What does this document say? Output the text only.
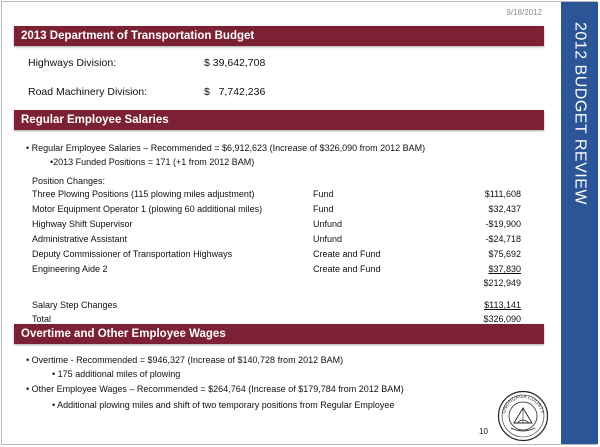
9/18/2012
2012 BUDGET REVIEW
2013 Department of Transportation Budget
Highways Division:	$ 39,642,708
Road Machinery Division:	$   7,742,236
Regular Employee Salaries
• Regular Employee Salaries – Recommended = $6,912,623 (Increase of $326,090 from 2012 BAM)
•2013 Funded Positions = 171 (+1 from 2012 BAM)
Position Changes:
Three Plowing Positions (115 plowing miles adjustment)	Fund	$111,608
Motor Equipment Operator 1 (plowing 60 additional miles)	Fund	$32,437
Highway Shift Supervisor	Unfund	-$19,900
Administrative Assistant	Unfund	-$24,718
Deputy Commissioner of Transportation Highways	Create and Fund	$75,692
Engineering Aide 2	Create and Fund	$37,830
$212,949
Salary Step Changes	$113,141
Total	$326,090
Overtime and Other Employee Wages
• Overtime - Recommended = $946,327 (Increase of $140,728 from 2012 BAM)
• 175 additional miles of plowing
• Other Employee Wages – Recommended = $264,764 (Increase of $179,784 from 2012 BAM)
• Additional plowing miles and shift of two temporary positions from Regular Employee
10
ONONDAGA COUNTY
